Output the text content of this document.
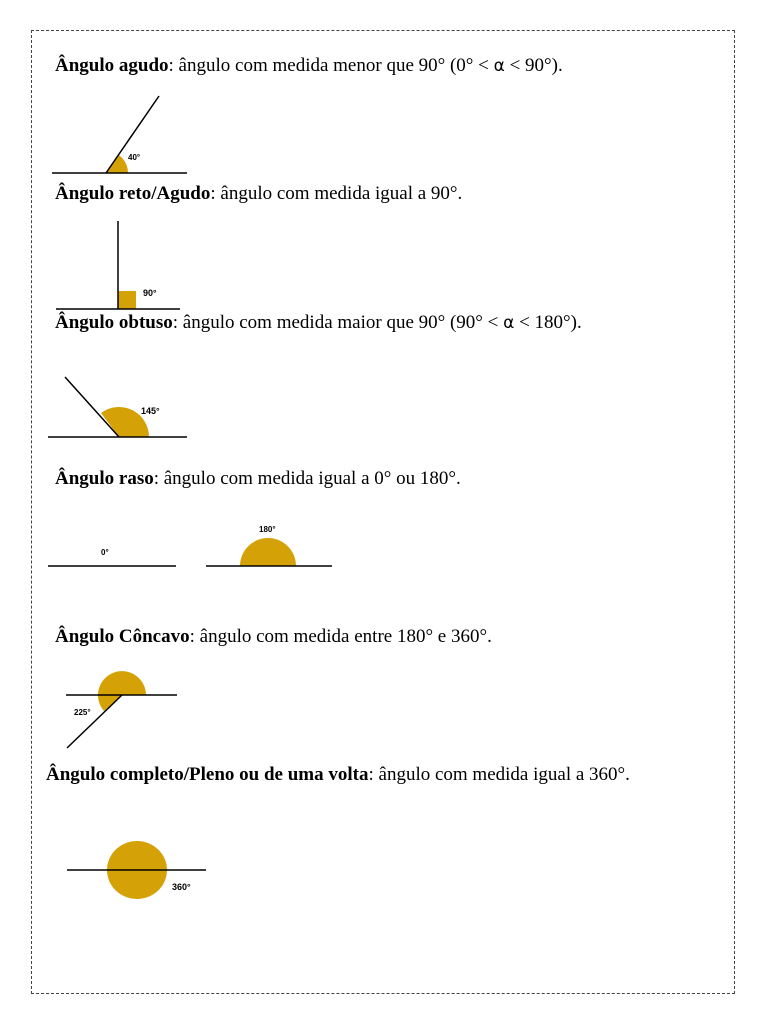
Ângulo agudo: ângulo com medida menor que 90° (0° < α < 90°).
Ângulo reto/Agudo: ângulo com medida igual a 90°.
Ângulo obtuso: ângulo com medida maior que 90° (90° < α < 180°).
Ângulo raso: ângulo com medida igual a 0° ou 180°.
Ângulo Côncavo: ângulo com medida entre 180° e 360°.
Ângulo completo/Pleno ou de uma volta: ângulo com medida igual a 360°.
40°
90°
145°
0°
180°
225°
360°
